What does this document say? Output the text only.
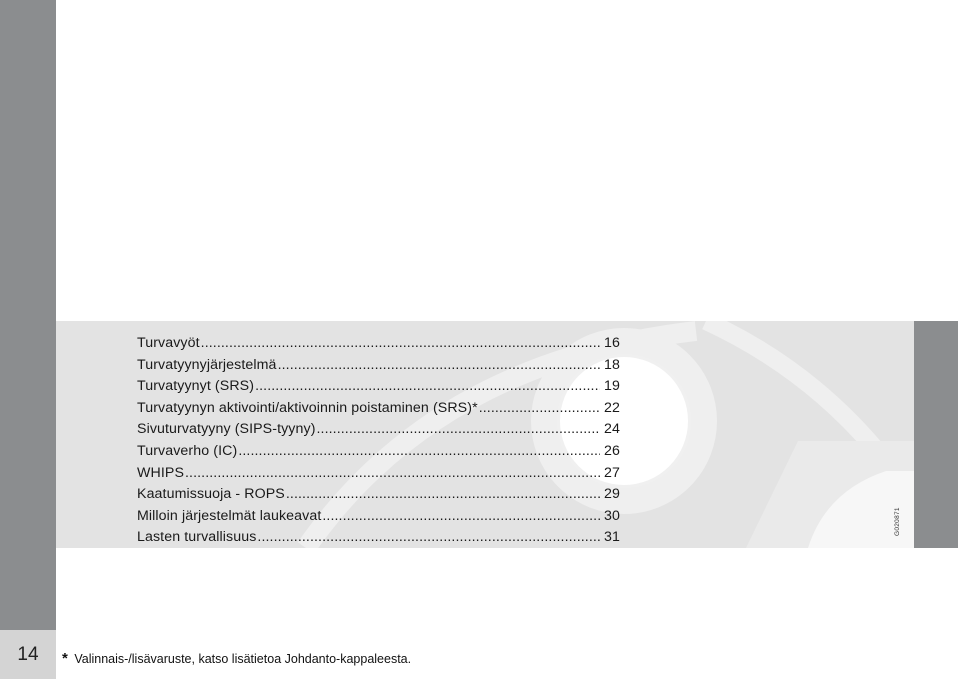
14
Turvavyöt .....	16
Turvatyynyjärjestelmä .....	18
Turvatyynyt (SRS) .....	19
Turvatyynyn aktivointi/aktivoinnin poistaminen (SRS)* .....	22
Sivuturvatyyny (SIPS-tyyny) .....	24
Turvaverho (IC) .....	26
WHIPS .....	27
Kaatumissuoja - ROPS .....	29
Milloin järjestelmät laukeavat .....	30
Lasten turvallisuus .....	31
G020871
* Valinnais-/lisävaruste, katso lisätietoa Johdanto-kappaleesta.
